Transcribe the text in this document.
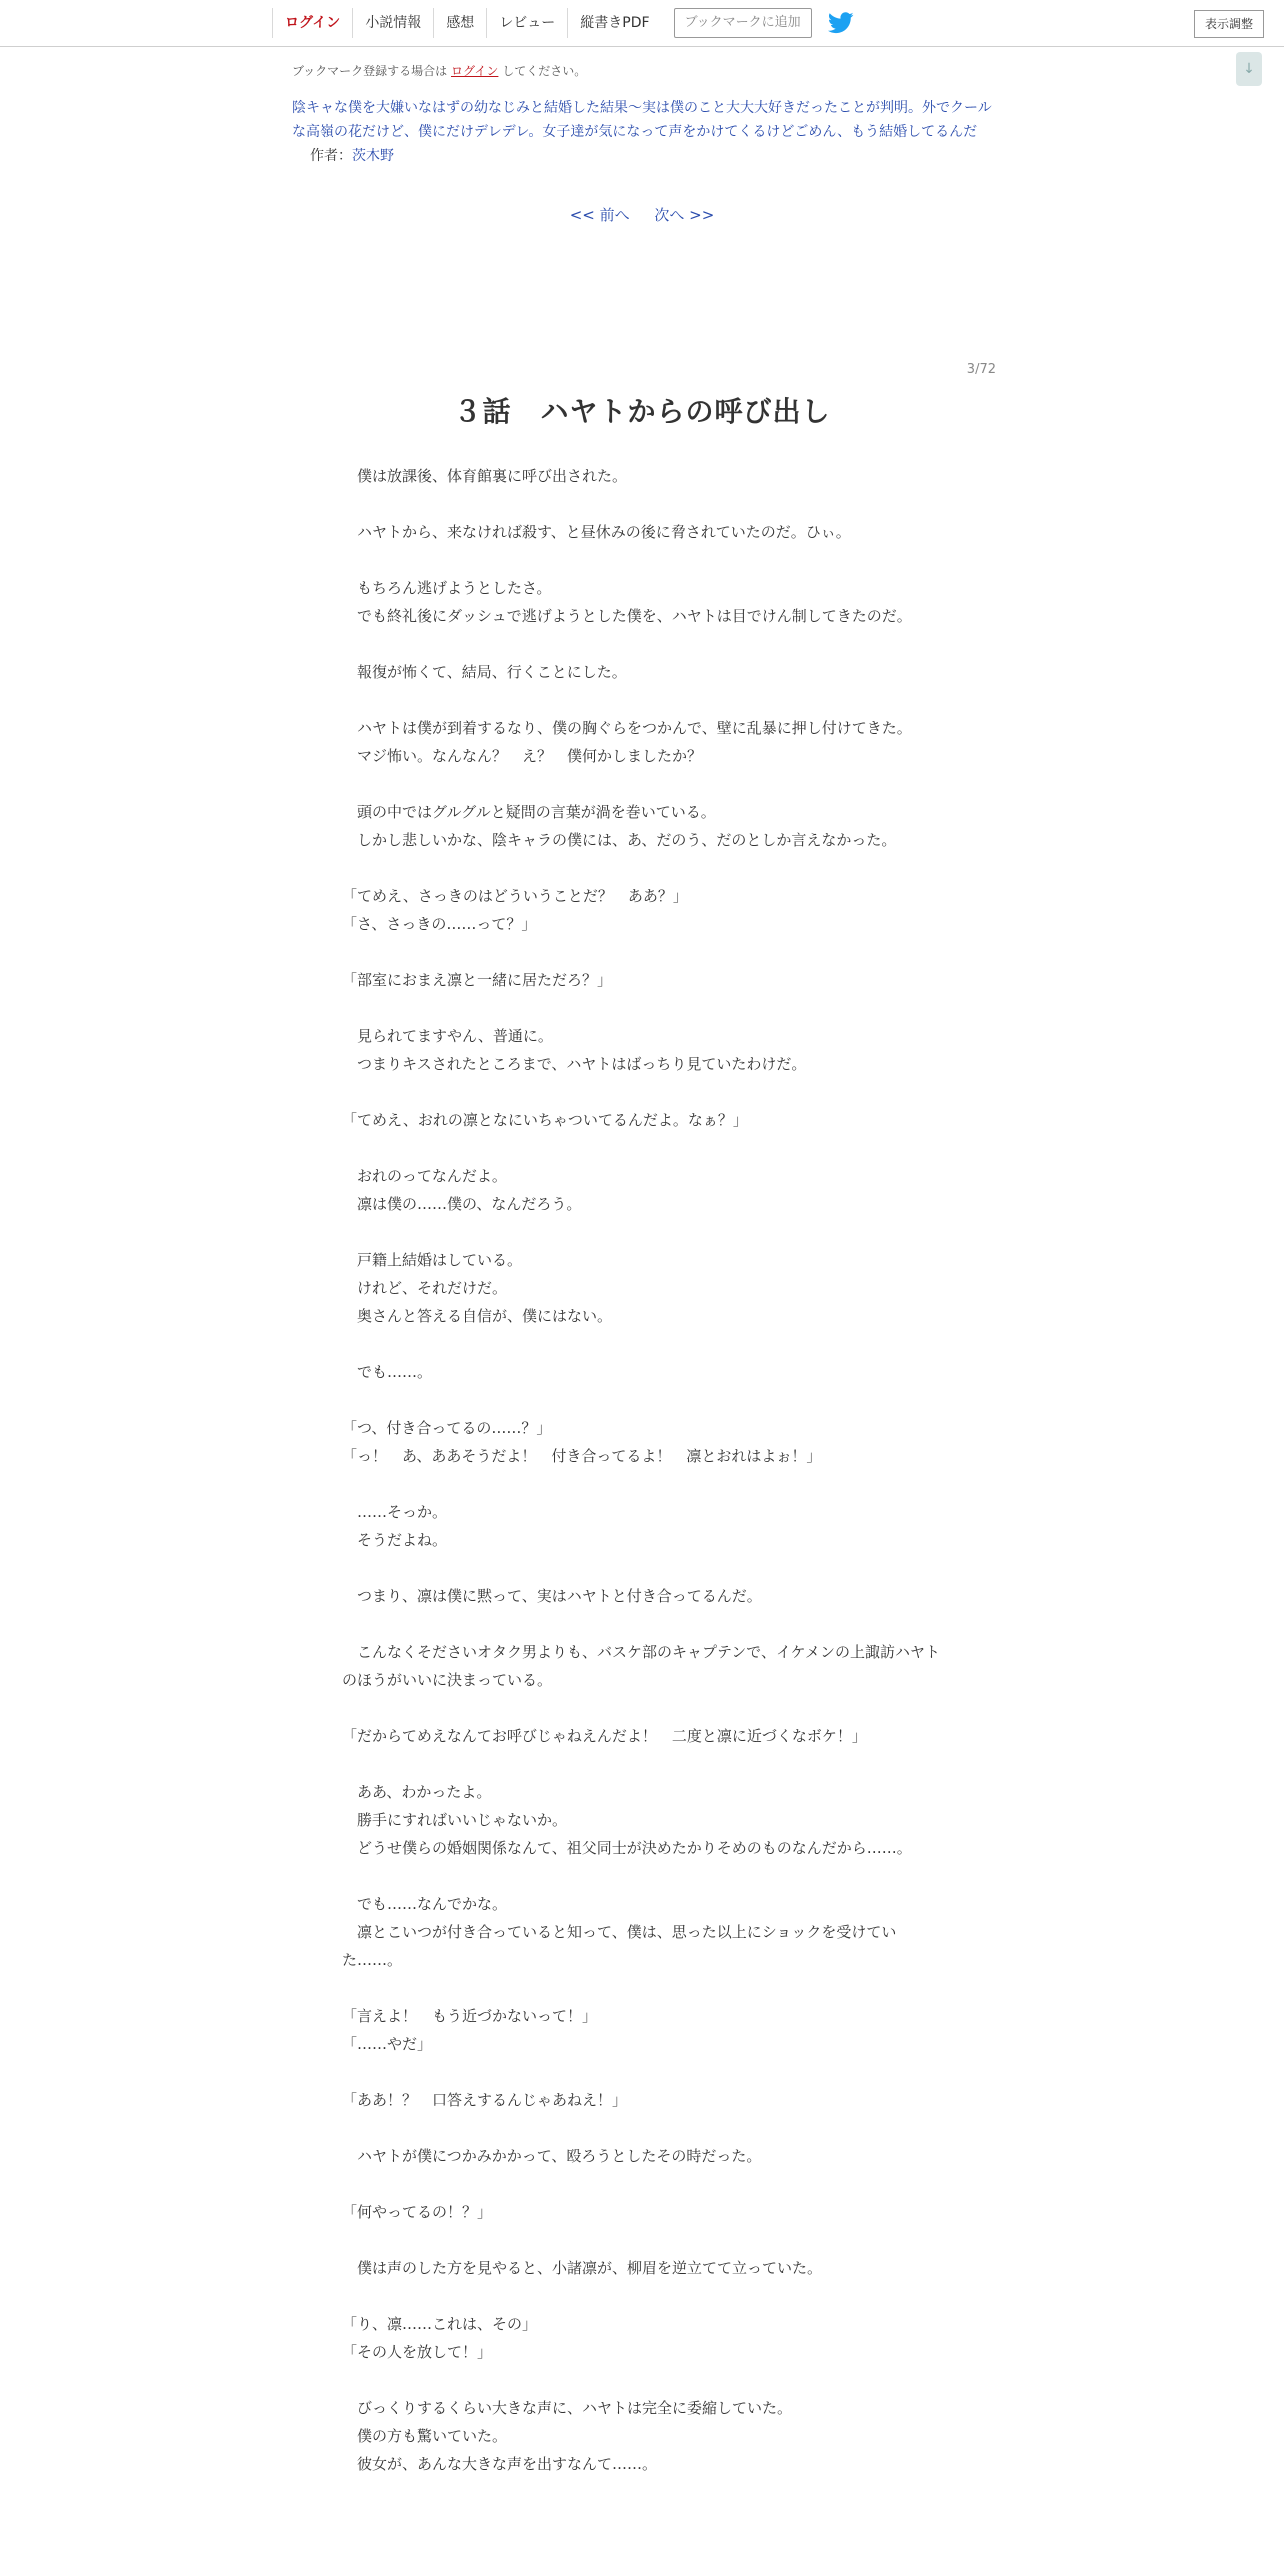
ログイン	小説情報	感想	レビュー	縦書きPDF	ブックマークに追加	表示調整
↓
ブックマーク登録する場合は ログイン してください。
陰キャな僕を大嫌いなはずの幼なじみと結婚した結果～実は僕のこと大大大好きだったことが判明。外でクールな高嶺の花だけど、僕にだけデレデレ。女子達が気になって声をかけてくるけどごめん、もう結婚してるんだ作者：茨木野
<< 前へ 次へ >>
3/72
３話　ハヤトからの呼び出し

　僕は放課後、体育館裏に呼び出された。

　ハヤトから、来なければ殺す、と昼休みの後に脅されていたのだ。ひぃ。

　もちろん逃げようとしたさ。

　でも終礼後にダッシュで逃げようとした僕を、ハヤトは目でけん制してきたのだ。

　報復が怖くて、結局、行くことにした。

　ハヤトは僕が到着するなり、僕の胸ぐらをつかんで、壁に乱暴に押し付けてきた。

　マジ怖い。なんなん？　え？　僕何かしましたか？

　頭の中ではグルグルと疑問の言葉が渦を巻いている。

　しかし悲しいかな、陰キャラの僕には、あ、だのう、だのとしか言えなかった。

「てめえ、さっきのはどういうことだ？　ああ？」

「さ、さっきの……って？」

「部室におまえ凛と一緒に居ただろ？」

　見られてますやん、普通に。

　つまりキスされたところまで、ハヤトはばっちり見ていたわけだ。

「てめえ、おれの凛となにいちゃついてるんだよ。なぁ？」

　おれのってなんだよ。

　凛は僕の……僕の、なんだろう。

　戸籍上結婚はしている。

　けれど、それだけだ。

　奥さんと答える自信が、僕にはない。

　でも……。

「つ、付き合ってるの……？」

「っ！　あ、ああそうだよ！　付き合ってるよ！　凛とおれはよぉ！」

　……そっか。

　そうだよね。

　つまり、凛は僕に黙って、実はハヤトと付き合ってるんだ。

　こんなくそださいオタク男よりも、バスケ部のキャプテンで、イケメンの上諏訪ハヤトのほうがいいに決まっている。

「だからてめえなんてお呼びじゃねえんだよ！　二度と凛に近づくなボケ！」

　ああ、わかったよ。

　勝手にすればいいじゃないか。

　どうせ僕らの婚姻関係なんて、祖父同士が決めたかりそめのものなんだから……。

　でも……なんでかな。

　凛とこいつが付き合っていると知って、僕は、思った以上にショックを受けていた……。

「言えよ！　もう近づかないって！」

「……やだ」

「ああ！？　口答えするんじゃあねえ！」

　ハヤトが僕につかみかかって、殴ろうとしたその時だった。

「何やってるの！？」

　僕は声のした方を見やると、小諸凛が、柳眉を逆立てて立っていた。

「り、凛……これは、その」

「その人を放して！」

　びっくりするくらい大きな声に、ハヤトは完全に委縮していた。

　僕の方も驚いていた。

　彼女が、あんな大きな声を出すなんて……。
